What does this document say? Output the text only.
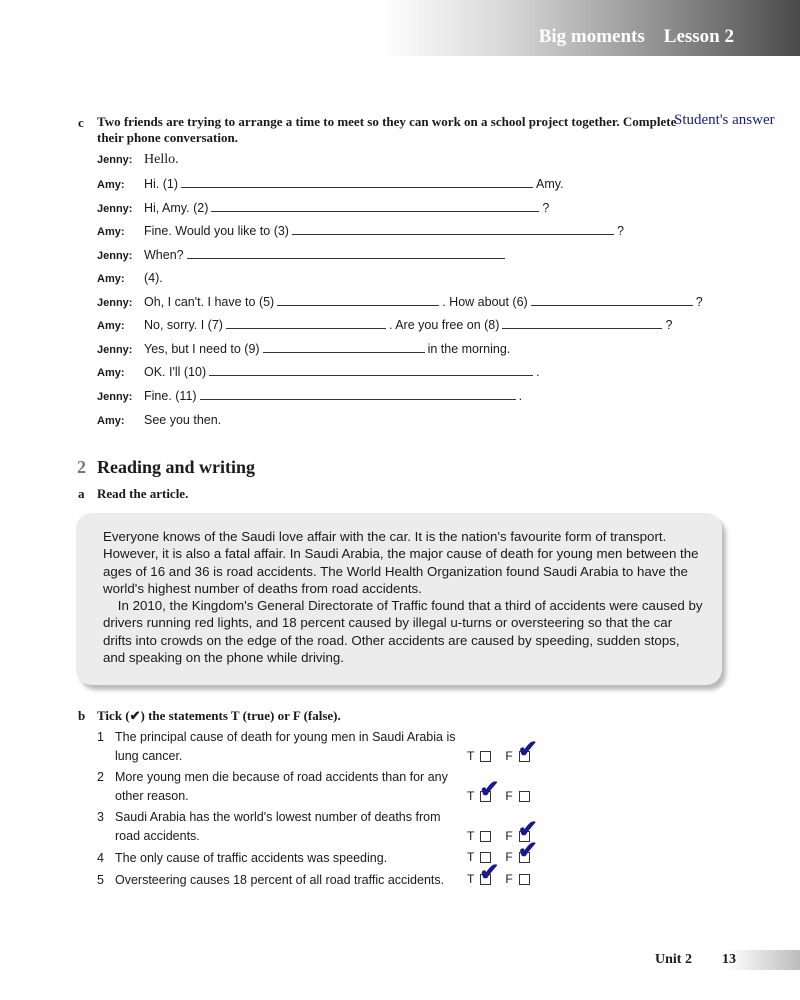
Big moments    Lesson 2
c Two friends are trying to arrange a time to meet so they can work on a school project together. Complete their phone conversation.
Student's answer
Jenny: Hello.
Amy:	Hi. (1)	Amy.
Jenny: Hi, Amy. (2)	?
Amy:	Fine. Would you like to (3)	?
Jenny: When?
Amy:	(4) .
Jenny: Oh, I can't. I have to (5)	. How about (6)	?
Amy:	No, sorry. I (7)	. Are you free on (8)	?
Jenny: Yes, but I need to (9)	in the morning.
Amy:	OK. I'll (10)	.
Jenny: Fine. (11)	.
Amy:	See you then.
2 Reading and writing
a Read the article.

Everyone knows of the Saudi love affair with the car. It is the nation's favourite form of transport. However, it is also a fatal affair. In Saudi Arabia, the major cause of death for young men between the ages of 16 and 36 is road accidents. The World Health Organization found Saudi Arabia to have the world's highest number of deaths from road accidents.
In 2010, the Kingdom's General Directorate of Traffic found that a third of accidents were caused by drivers running red lights, and 18 percent caused by illegal u-turns or oversteering so that the car drifts into crowds on the edge of the road. Other accidents are caused by speeding, sudden stops, and speaking on the phone while driving.

b Tick (✔) the statements T (true) or F (false).
1 The principal cause of death for young men in Saudi Arabia is lung cancer.	T	F ✔
2 More young men die because of road accidents than for any other reason.	T ✔ F
3 Saudi Arabia has the world's lowest number of deaths from road accidents.	T	F ✔
4 The only cause of traffic accidents was speeding.	T	F ✔
5 Oversteering causes 18 percent of all road traffic accidents.	T ✔ F
Unit 2 13
